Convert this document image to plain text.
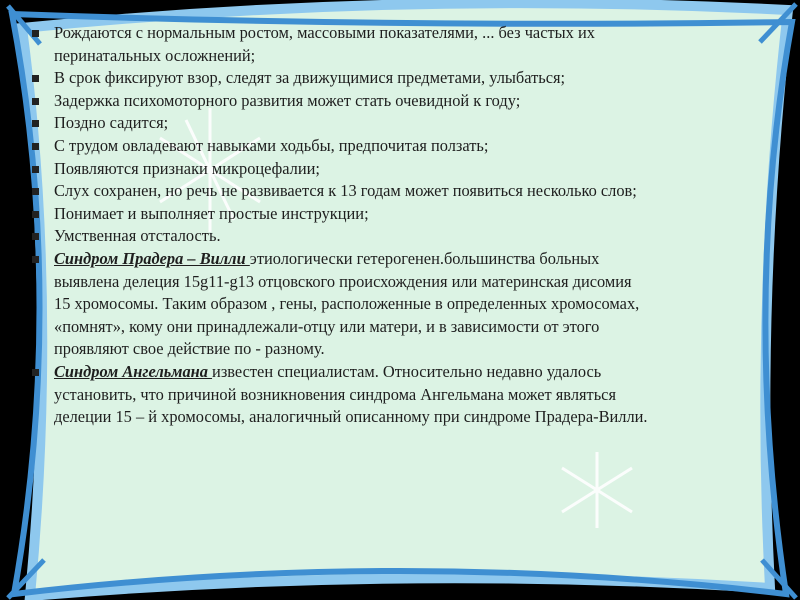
Рождаются с нормальным ростом, массовыми показателями, ... без частых их
перинатальных осложнений;
В срок фиксируют взор, следят за движущимися предметами, улыбаться;
Задержка психомоторного развития может стать очевидной к году;
Поздно садится;
С трудом овладевают навыками ходьбы, предпочитая ползать;
Появляются признаки микроцефалии;
Слух сохранен, но речь не развивается к 13 годам может появиться несколько слов;
Понимает и выполняет простые инструкции;
Умственная отсталость.
Синдром Прадера – Вилли этиологически гетерогенен.большинства больных
выявлена делеция 15g11-g13 отцовского происхождения или материнская дисомия
15 хромосомы. Таким образом , гены, расположенные в определенных хромосомах,
«помнят», кому они принадлежали-отцу или матери, и в зависимости от этого
проявляют свое действие по - разному.
Синдром Ангельмана известен специалистам. Относительно недавно удалось
установить, что причиной возникновения синдрома Ангельмана может являться
делеции 15 – й хромосомы, аналогичный описанному при синдроме Прадера-Вилли.
